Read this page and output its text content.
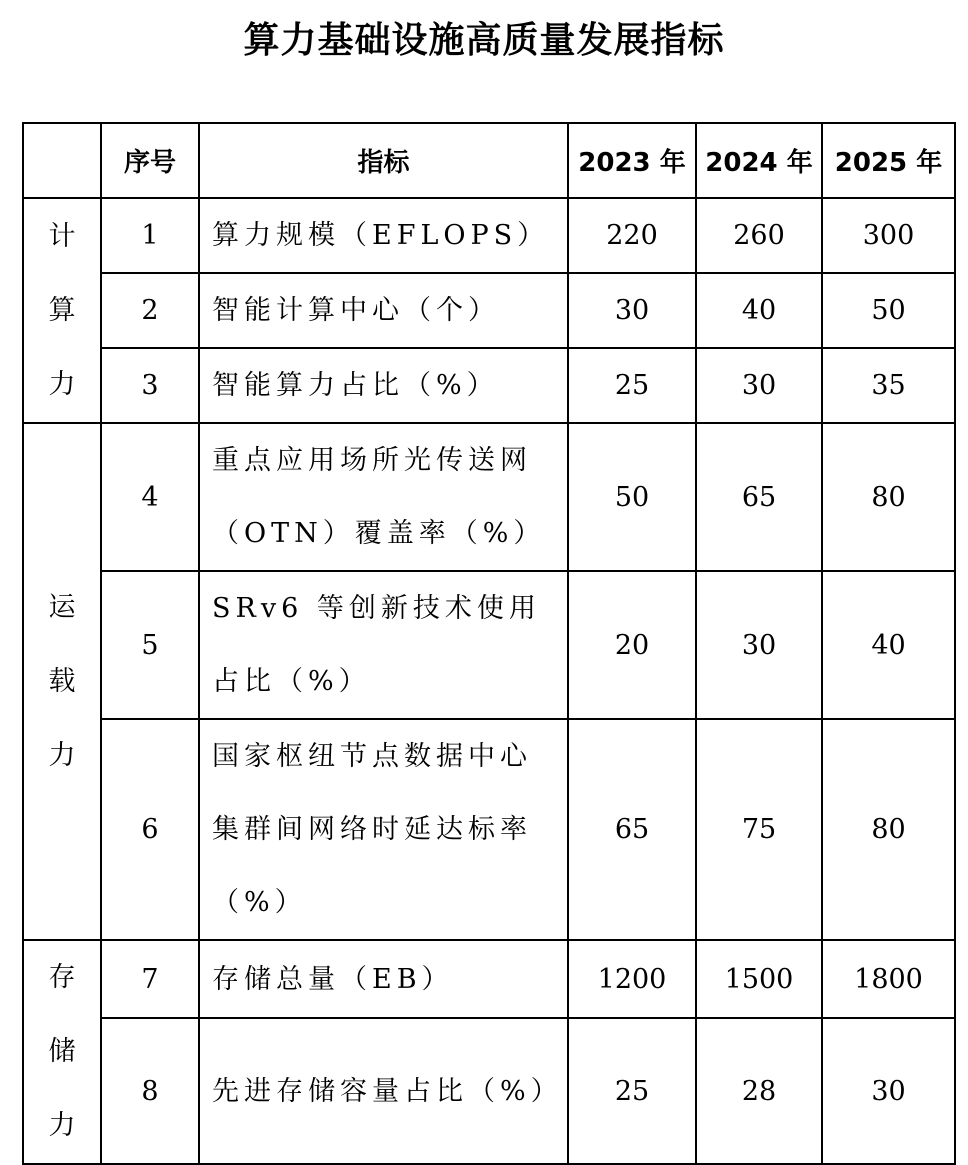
算力基础设施高质量发展指标
	序号	指标	2023 年	2024 年	2025 年
计算力	1	算力规模（EFLOPS）	220	260	300
	2	智能计算中心（个）	30	40	50
	3	智能算力占比（%）	25	30	35
运载力	4	重点应用场所光传送网（OTN）覆盖率（%）	50	65	80
	5	SRv6 等创新技术使用占比（%）	20	30	40
	6	国家枢纽节点数据中心集群间网络时延达标率（%）	65	75	80
存储力	7	存储总量（EB）	1200	1500	1800
	8	先进存储容量占比（%）	25	28	30
